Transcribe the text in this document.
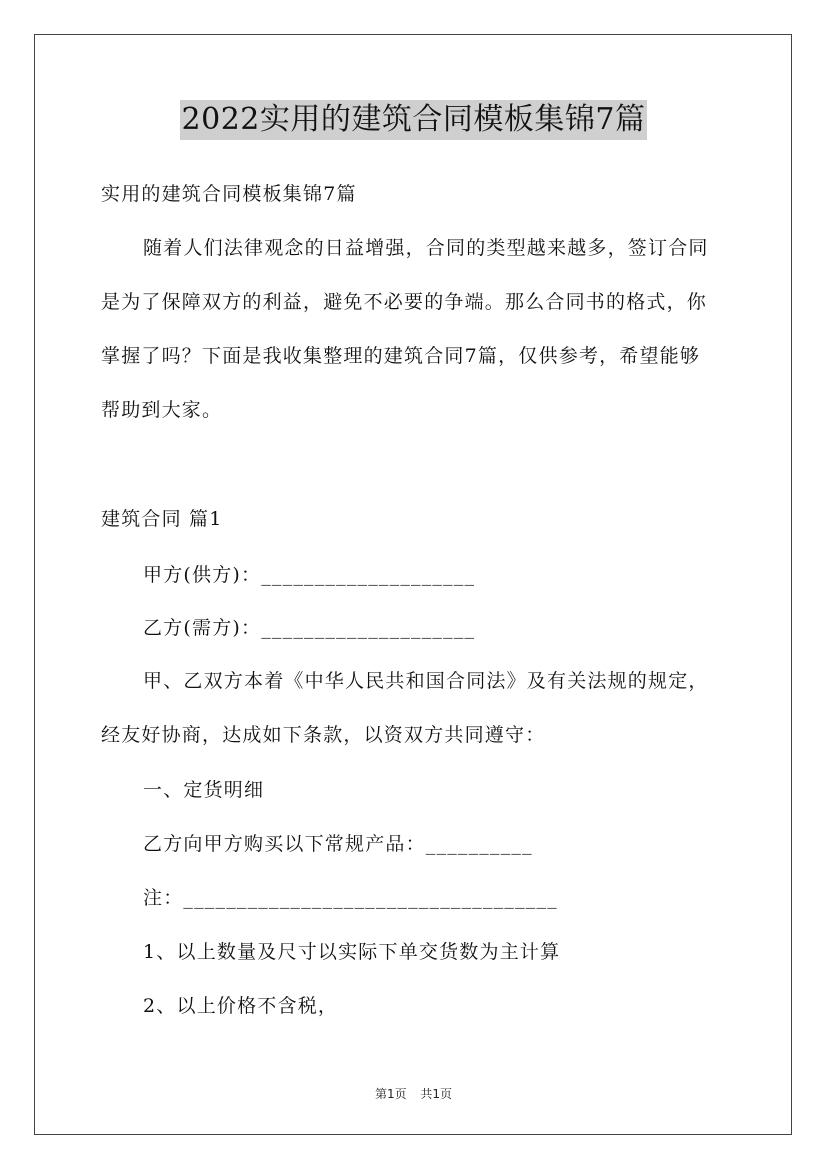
2022实用的建筑合同模板集锦7篇
实用的建筑合同模板集锦7篇
随着人们法律观念的日益增强，合同的类型越来越多，签订合同
是为了保障双方的利益，避免不必要的争端。那么合同书的格式，你
掌握了吗？下面是我收集整理的建筑合同7篇，仅供参考，希望能够
帮助到大家。
建筑合同 篇1
甲方(供方)：____________________
乙方(需方)：____________________
甲、乙双方本着《中华人民共和国合同法》及有关法规的规定，
经友好协商，达成如下条款，以资双方共同遵守：
一、定货明细
乙方向甲方购买以下常规产品：__________
注：___________________________________
1、以上数量及尺寸以实际下单交货数为主计算
2、以上价格不含税，
第1页 共1页
